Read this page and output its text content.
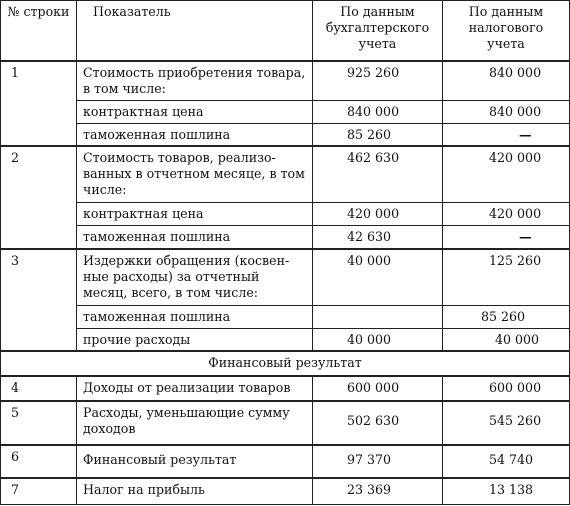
№ строки	Показатель	По данным бухгалтерского учета	По данным налогового учета
1	Стоимость приобретения товара, в том числе:	925 260	840 000
	контрактная цена	840 000	840 000
	таможенная пошлина	85 260	—
2	Стоимость товаров, реализо-ванных в отчетном месяце, в том числе:	462 630	420 000
	контрактная цена	420 000	420 000
	таможенная пошлина	42 630	—
3	Издержки обращения (косвен-ные расходы) за отчетный месяц, всего, в том числе:	40 000	125 260
	таможенная пошлина		85 260
	прочие расходы	40 000	40 000
Финансовый результат			
4	Доходы от реализации товаров	600 000	600 000
5	Расходы, уменьшающие сумму доходов	502 630	545 260
6	Финансовый результат	97 370	54 740
7	Налог на прибыль	23 369	13 138
